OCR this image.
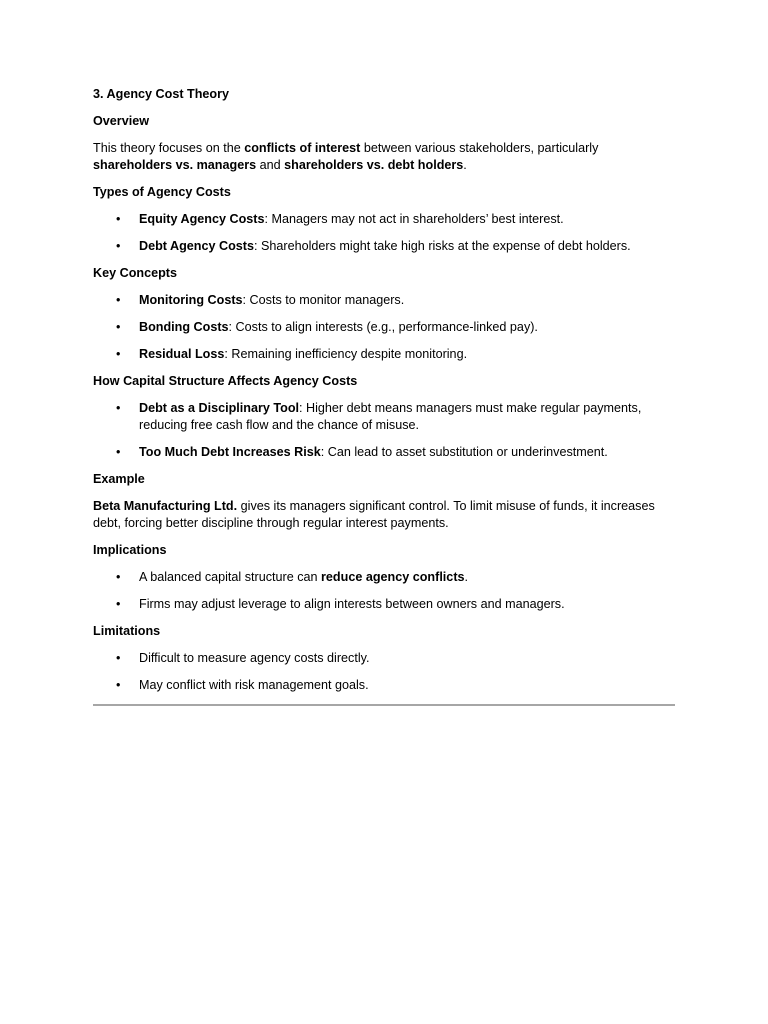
3. Agency Cost Theory
Overview
This theory focuses on the conflicts of interest between various stakeholders, particularly shareholders vs. managers and shareholders vs. debt holders.
Types of Agency Costs
• Equity Agency Costs: Managers may not act in shareholders’ best interest.
• Debt Agency Costs: Shareholders might take high risks at the expense of debt holders.
Key Concepts
• Monitoring Costs: Costs to monitor managers.
• Bonding Costs: Costs to align interests (e.g., performance-linked pay).
• Residual Loss: Remaining inefficiency despite monitoring.
How Capital Structure Affects Agency Costs
• Debt as a Disciplinary Tool: Higher debt means managers must make regular payments, reducing free cash flow and the chance of misuse.
• Too Much Debt Increases Risk: Can lead to asset substitution or underinvestment.
Example
Beta Manufacturing Ltd. gives its managers significant control. To limit misuse of funds, it increases debt, forcing better discipline through regular interest payments.
Implications
• A balanced capital structure can reduce agency conflicts.
• Firms may adjust leverage to align interests between owners and managers.
Limitations
• Difficult to measure agency costs directly.
• May conflict with risk management goals.
